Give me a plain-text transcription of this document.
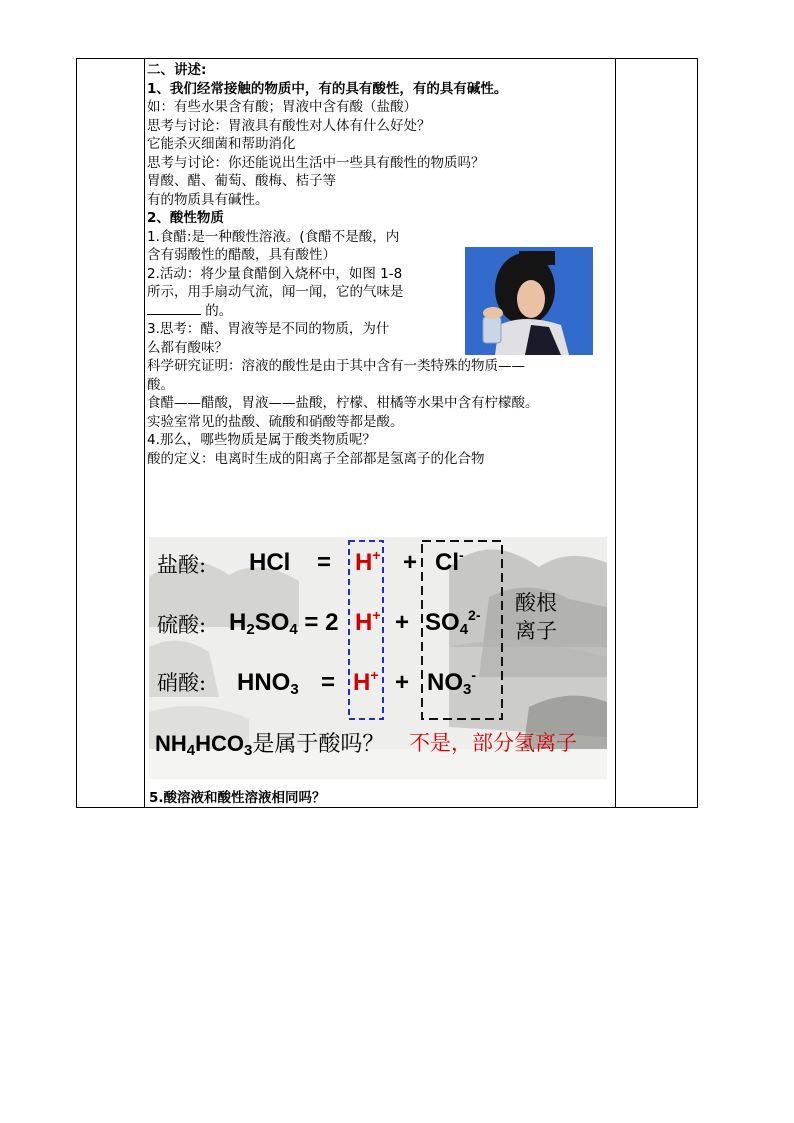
二、讲述:

1、我们经常接触的物质中，有的具有酸性，有的具有碱性。

如：有些水果含有酸；胃液中含有酸（盐酸）

思考与讨论：胃液具有酸性对人体有什么好处？

它能杀灭细菌和帮助消化

思考与讨论：你还能说出生活中一些具有酸性的物质吗？

胃酸、醋、葡萄、酸梅、桔子等

有的物质具有碱性。

2、酸性物质

1.食醋:是一种酸性溶液。(食醋不是酸，内

含有弱酸性的醋酸，具有酸性）

2.活动：将少量食醋倒入烧杯中，如图 1-8

所示，用手扇动气流，闻一闻，它的气味是

的。

3.思考：醋、胃液等是不同的物质，为什

么都有酸味？

科学研究证明：溶液的酸性是由于其中含有一类特殊的物质——

酸。

食醋——醋酸，胃液——盐酸，柠檬、柑橘等水果中含有柠檬酸。

实验室常见的盐酸、硫酸和硝酸等都是酸。

4.那么，哪些物质是属于酸类物质呢？

酸的定义：电离时生成的阳离子全部都是氢离子的化合物

盐酸: HCl = H+ + Cl-
硫酸: $H_2SO_4 = 2$ $H^+ + SO_4^{2-}$ 酸根
离子
硝酸: $HNO_3 = H^+ + NO_3^-$
$NH_4HCO_3$是属于酸吗？ 不是，部分氢离子

5.酸溶液和酸性溶液相同吗？
